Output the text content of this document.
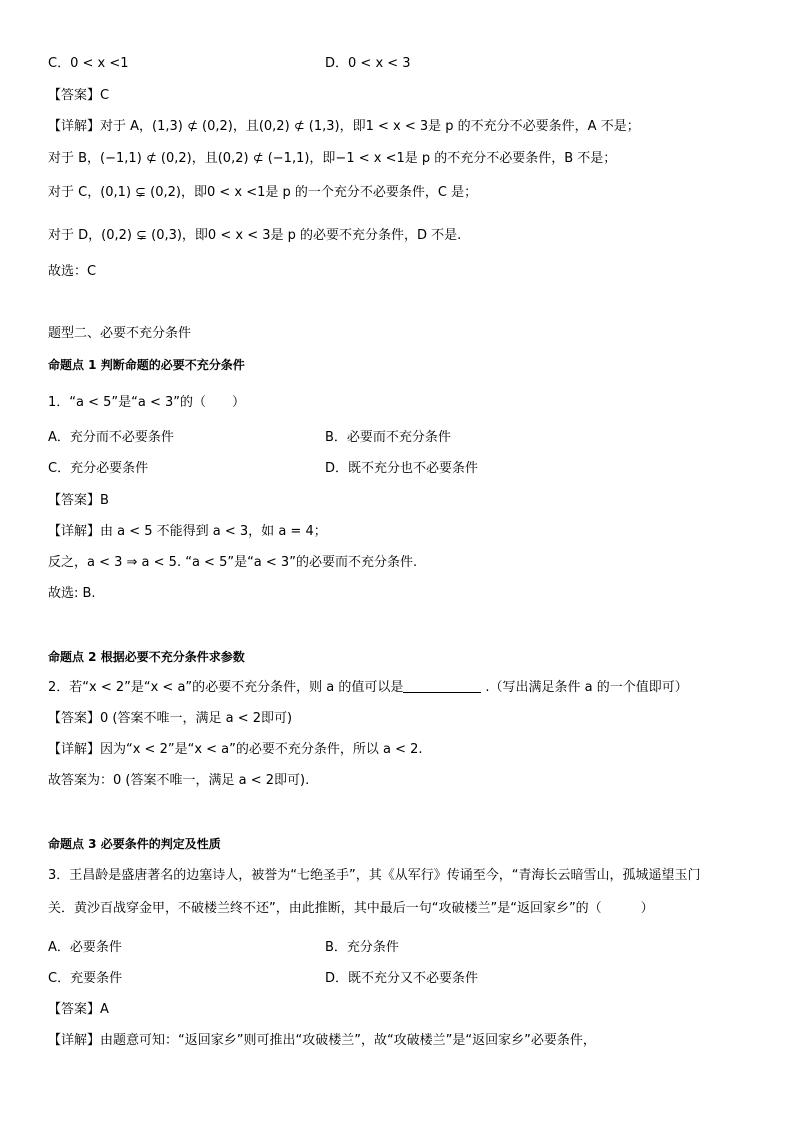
C．0 < x <1	D．0 < x < 3
【答案】C
【详解】对于 A，(1,3) ⊄ (0,2)，且(0,2) ⊄ (1,3)，即1 < x < 3是 p 的不充分不必要条件，A 不是；
对于 B，(−1,1) ⊄ (0,2)，且(0,2) ⊄ (−1,1)，即−1 < x <1是 p 的不充分不必要条件，B 不是；
对于 C，(0,1) ⊊ (0,2)，即0 < x <1是 p 的一个充分不必要条件，C 是；
对于 D，(0,2) ⊊ (0,3)，即0 < x < 3是 p 的必要不充分条件，D 不是.
故选：C
题型二、必要不充分条件
命题点 1 判断命题的必要不充分条件
1．“a < 5”是“a < 3”的（　　）
A．充分而不必要条件	B．必要而不充分条件
C．充分必要条件	D．既不充分也不必要条件
【答案】B
【详解】由 a < 5 不能得到 a < 3，如 a = 4；
反之，a < 3 ⇒ a < 5. “a < 5”是“a < 3”的必要而不充分条件.
故选: B.
命题点 2 根据必要不充分条件求参数
2．若“x < 2”是“x < a”的必要不充分条件，则 a 的值可以是	.（写出满足条件 a 的一个值即可）
【答案】0 (答案不唯一，满足 a < 2即可)
【详解】因为“x < 2”是“x < a”的必要不充分条件，所以 a < 2.
故答案为：0 (答案不唯一，满足 a < 2即可).
命题点 3 必要条件的判定及性质
3．王昌龄是盛唐著名的边塞诗人，被誉为“七绝圣手”，其《从军行》传诵至今，“青海长云暗雪山，孤城遥望玉门
关．黄沙百战穿金甲，不破楼兰终不还”，由此推断，其中最后一句“攻破楼兰”是“返回家乡”的（　　　）
A．必要条件	B．充分条件
C．充要条件	D．既不充分又不必要条件
【答案】A
【详解】由题意可知：“返回家乡”则可推出“攻破楼兰”，故“攻破楼兰”是“返回家乡”必要条件，
